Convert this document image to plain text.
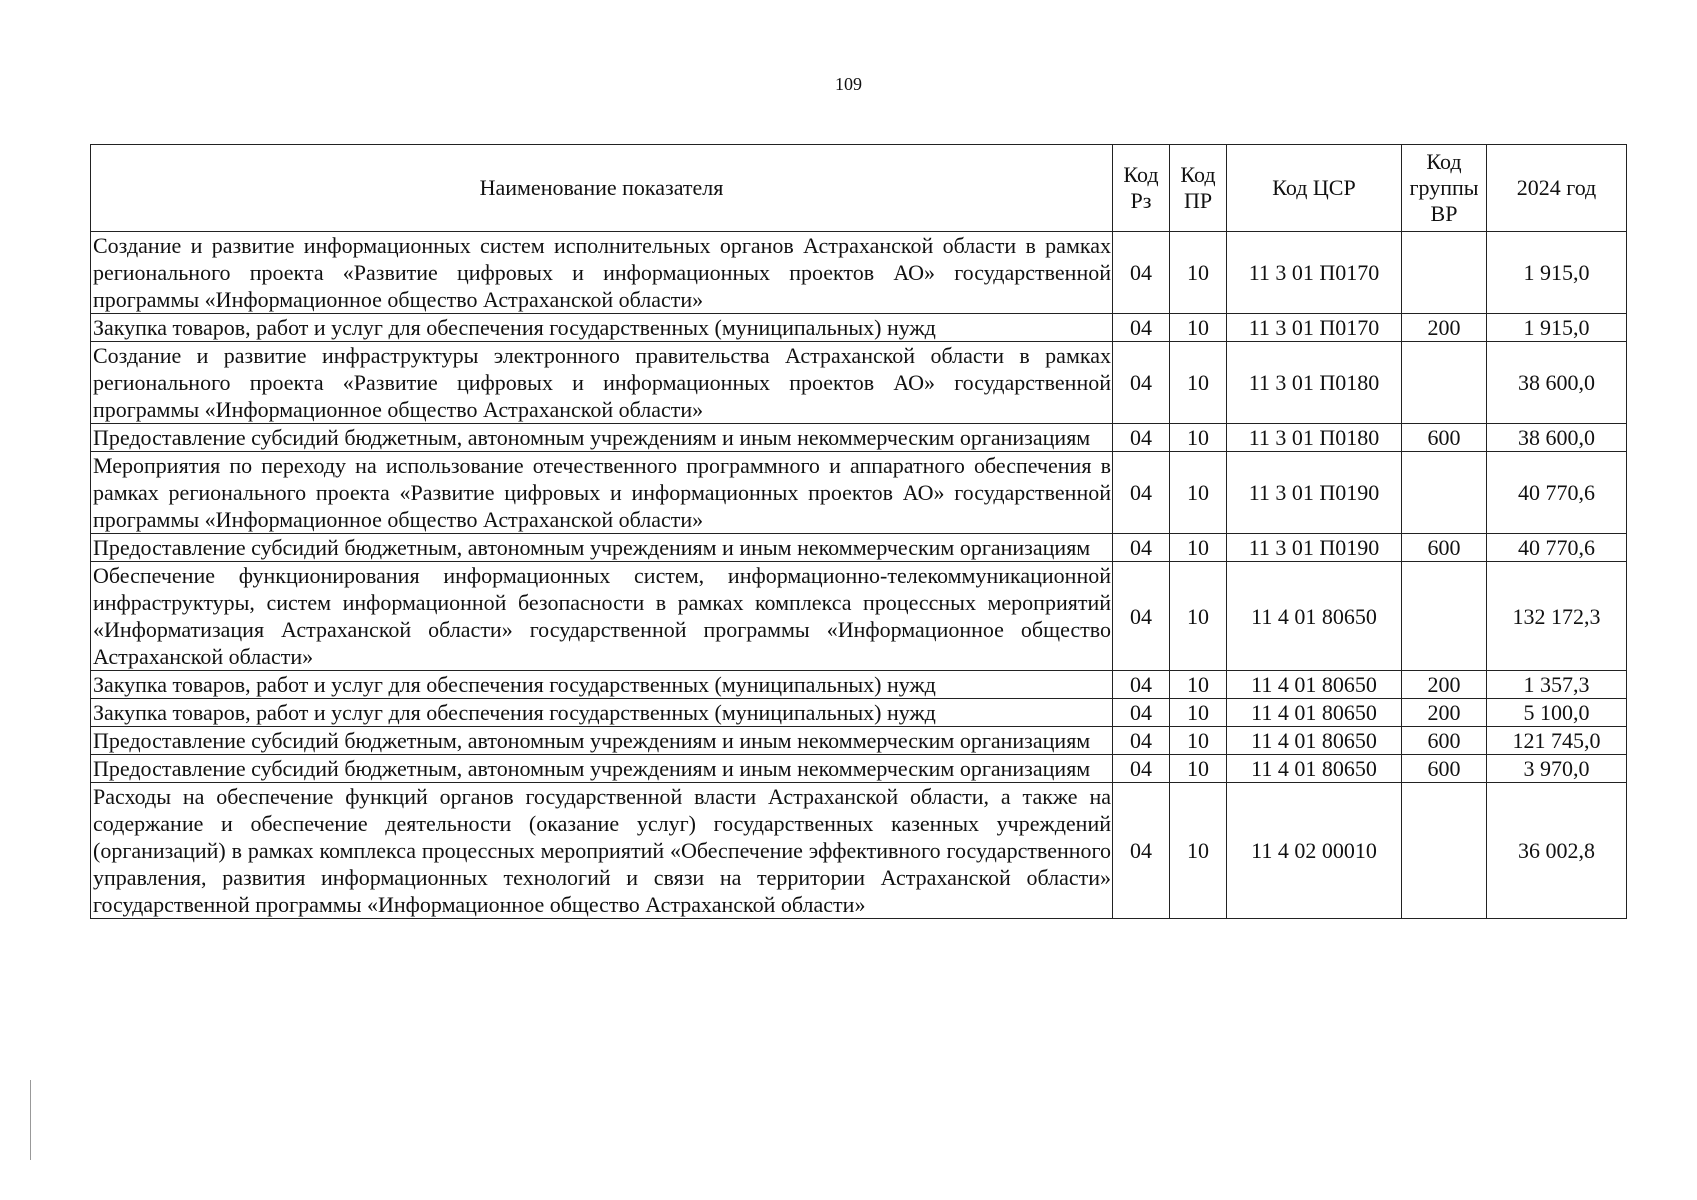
109
Наименование показателя	Код Рз	Код ПР	Код ЦСР	Код группы ВР	2024 год
Создание и развитие информационных систем исполнительных органов Астраханской области в рамках регионального проекта «Развитие цифровых и информационных проектов АО» государственной программы «Информационное общество Астраханской области»	04	10	11 3 01 П0170		1 915,0
Закупка товаров, работ и услуг для обеспечения государственных (муниципальных) нужд	04	10	11 3 01 П0170	200	1 915,0
Создание и развитие инфраструктуры электронного правительства Астраханской области в рамках регионального проекта «Развитие цифровых и информационных проектов АО» государственной программы «Информационное общество Астраханской области»	04	10	11 3 01 П0180		38 600,0
Предоставление субсидий бюджетным, автономным учреждениям и иным некоммерческим организациям	04	10	11 3 01 П0180	600	38 600,0
Мероприятия по переходу на использование отечественного программного и аппаратного обеспечения в рамках регионального проекта «Развитие цифровых и информационных проектов АО» государственной программы «Информационное общество Астраханской области»	04	10	11 3 01 П0190		40 770,6
Предоставление субсидий бюджетным, автономным учреждениям и иным некоммерческим организациям	04	10	11 3 01 П0190	600	40 770,6
Обеспечение функционирования информационных систем, информационно-телекоммуникационной инфраструктуры, систем информационной безопасности в рамках комплекса процессных мероприятий «Информатизация Астраханской области» государственной программы «Информационное общество Астраханской области»	04	10	11 4 01 80650		132 172,3
Закупка товаров, работ и услуг для обеспечения государственных (муниципальных) нужд	04	10	11 4 01 80650	200	1 357,3
Закупка товаров, работ и услуг для обеспечения государственных (муниципальных) нужд	04	10	11 4 01 80650	200	5 100,0
Предоставление субсидий бюджетным, автономным учреждениям и иным некоммерческим организациям	04	10	11 4 01 80650	600	121 745,0
Предоставление субсидий бюджетным, автономным учреждениям и иным некоммерческим организациям	04	10	11 4 01 80650	600	3 970,0
Расходы на обеспечение функций органов государственной власти Астраханской области, а также на содержание и обеспечение деятельности (оказание услуг) государственных казенных учреждений (организаций) в рамках комплекса процессных мероприятий «Обеспечение эффективного государственного управления, развития информационных технологий и связи на территории Астраханской области» государственной программы «Информационное общество Астраханской области»	04	10	11 4 02 00010		36 002,8
